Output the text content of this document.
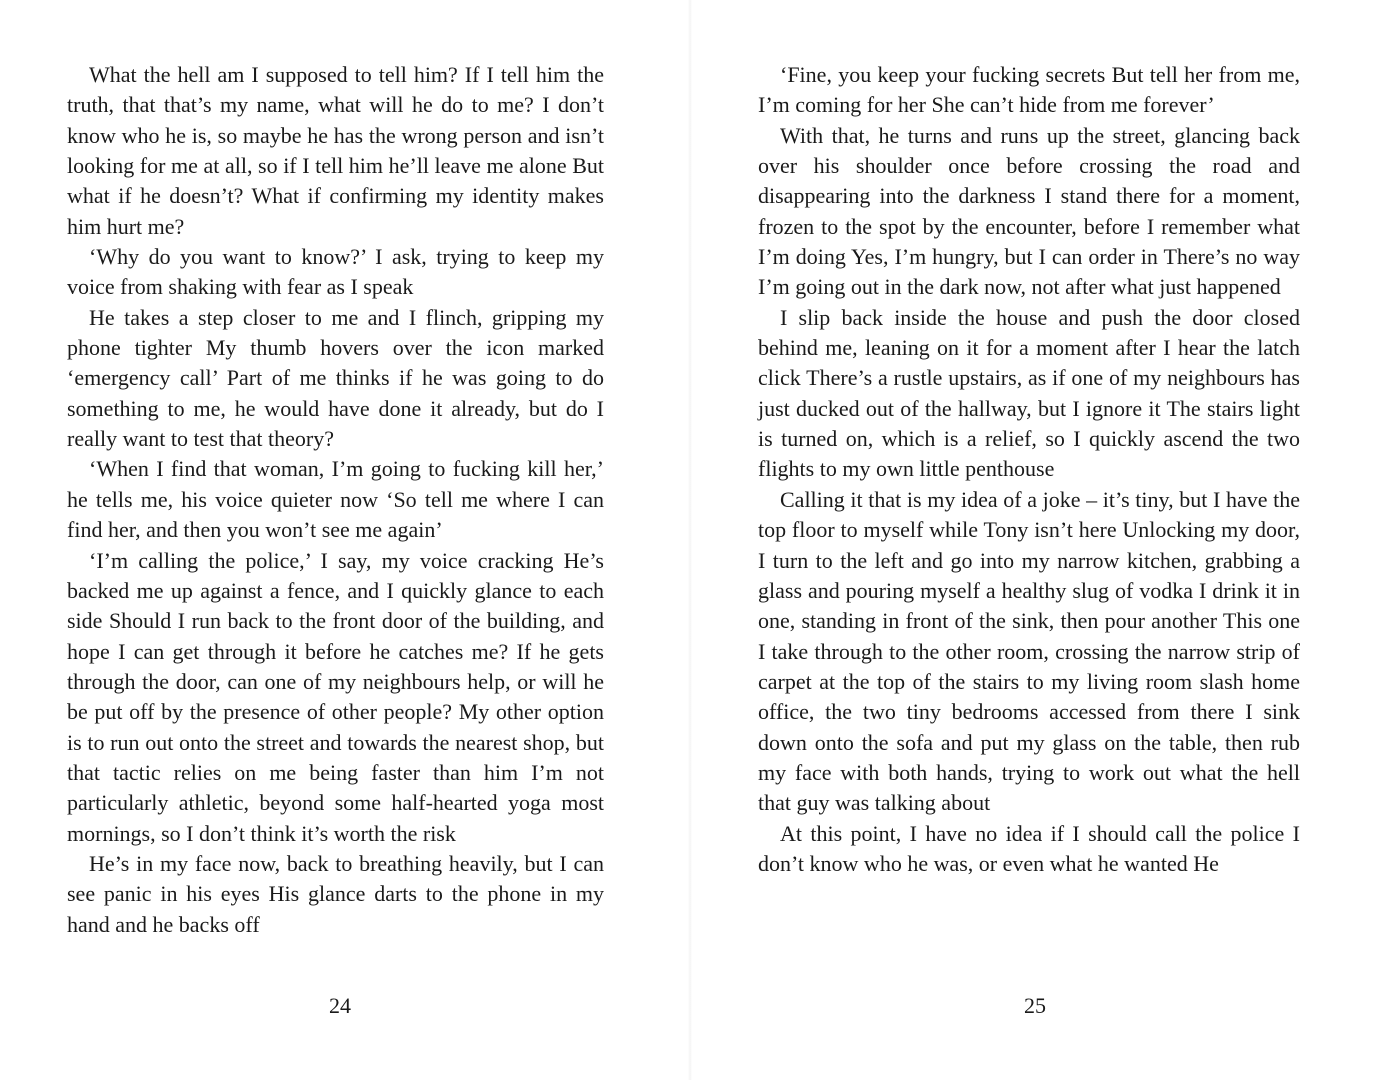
What the hell am I supposed to tell him? If I tell him the truth, that that’s my name, what will he do to me? I don’t know who he is, so maybe he has the wrong person and isn’t looking for me at all, so if I tell him he’ll leave me alone But what if he doesn’t? What if confirming my identity makes him hurt me?

‘Why do you want to know?’ I ask, trying to keep my voice from shaking with fear as I speak

He takes a step closer to me and I flinch, gripping my phone tighter My thumb hovers over the icon marked ‘emergency call’ Part of me thinks if he was going to do something to me, he would have done it already, but do I really want to test that theory?

‘When I find that woman, I’m going to fucking kill her,’ he tells me, his voice quieter now ‘So tell me where I can find her, and then you won’t see me again’

‘I’m calling the police,’ I say, my voice cracking He’s backed me up against a fence, and I quickly glance to each side Should I run back to the front door of the building, and hope I can get through it before he catches me? If he gets through the door, can one of my neighbours help, or will he be put off by the presence of other people? My other option is to run out onto the street and towards the nearest shop, but that tactic relies on me being faster than him I’m not particularly athletic, beyond some half-hearted yoga most mornings, so I don’t think it’s worth the risk

He’s in my face now, back to breathing heavily, but I can see panic in his eyes His glance darts to the phone in my hand and he backs off

24

‘Fine, you keep your fucking secrets But tell her from me, I’m coming for her She can’t hide from me forever’

With that, he turns and runs up the street, glancing back over his shoulder once before crossing the road and disappearing into the darkness I stand there for a moment, frozen to the spot by the encounter, before I remember what I’m doing Yes, I’m hungry, but I can order in There’s no way I’m going out in the dark now, not after what just happened

I slip back inside the house and push the door closed behind me, leaning on it for a moment after I hear the latch click There’s a rustle upstairs, as if one of my neighbours has just ducked out of the hallway, but I ignore it The stairs light is turned on, which is a relief, so I quickly ascend the two flights to my own little penthouse

Calling it that is my idea of a joke – it’s tiny, but I have the top floor to myself while Tony isn’t here Unlocking my door, I turn to the left and go into my narrow kitchen, grabbing a glass and pouring myself a healthy slug of vodka I drink it in one, standing in front of the sink, then pour another This one I take through to the other room, crossing the narrow strip of carpet at the top of the stairs to my living room slash home office, the two tiny bedrooms accessed from there I sink down onto the sofa and put my glass on the table, then rub my face with both hands, trying to work out what the hell that guy was talking about

At this point, I have no idea if I should call the police I don’t know who he was, or even what he wanted He

25
